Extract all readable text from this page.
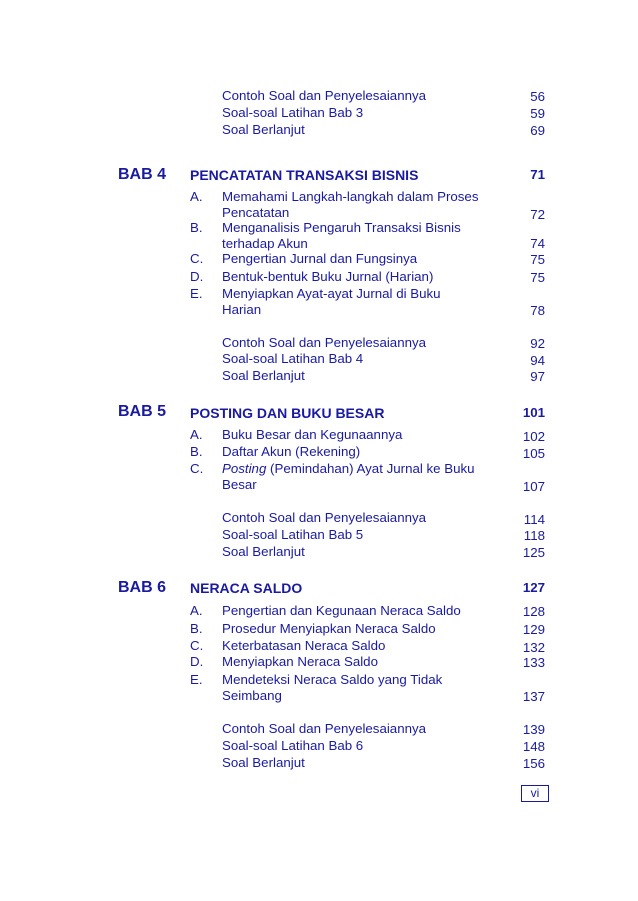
Contoh Soal dan Penyelesaiannya	56
Soal-soal Latihan Bab 3	59
Soal Berlanjut	69
BAB 4 PENCATATAN TRANSAKSI BISNIS	71
A. Memahami Langkah-langkah dalam Proses
Pencatatan	72
B. Menganalisis Pengaruh Transaksi Bisnis
terhadap Akun	74
C. Pengertian Jurnal dan Fungsinya	75
D. Bentuk-bentuk Buku Jurnal (Harian)	75
E. Menyiapkan Ayat-ayat Jurnal di Buku
Harian	78
Contoh Soal dan Penyelesaiannya	92
Soal-soal Latihan Bab 4	94
Soal Berlanjut	97
BAB 5 POSTING DAN BUKU BESAR	101
A. Buku Besar dan Kegunaannya	102
B. Daftar Akun (Rekening)	105
C. Posting (Pemindahan) Ayat Jurnal ke Buku
Besar	107
Contoh Soal dan Penyelesaiannya	114
Soal-soal Latihan Bab 5	118
Soal Berlanjut	125
BAB 6 NERACA SALDO	127
A. Pengertian dan Kegunaan Neraca Saldo	128
B. Prosedur Menyiapkan Neraca Saldo	129
C. Keterbatasan Neraca Saldo	132
D. Menyiapkan Neraca Saldo	133
E. Mendeteksi Neraca Saldo yang Tidak
Seimbang	137
Contoh Soal dan Penyelesaiannya	139
Soal-soal Latihan Bab 6	148
Soal Berlanjut	156
vi
